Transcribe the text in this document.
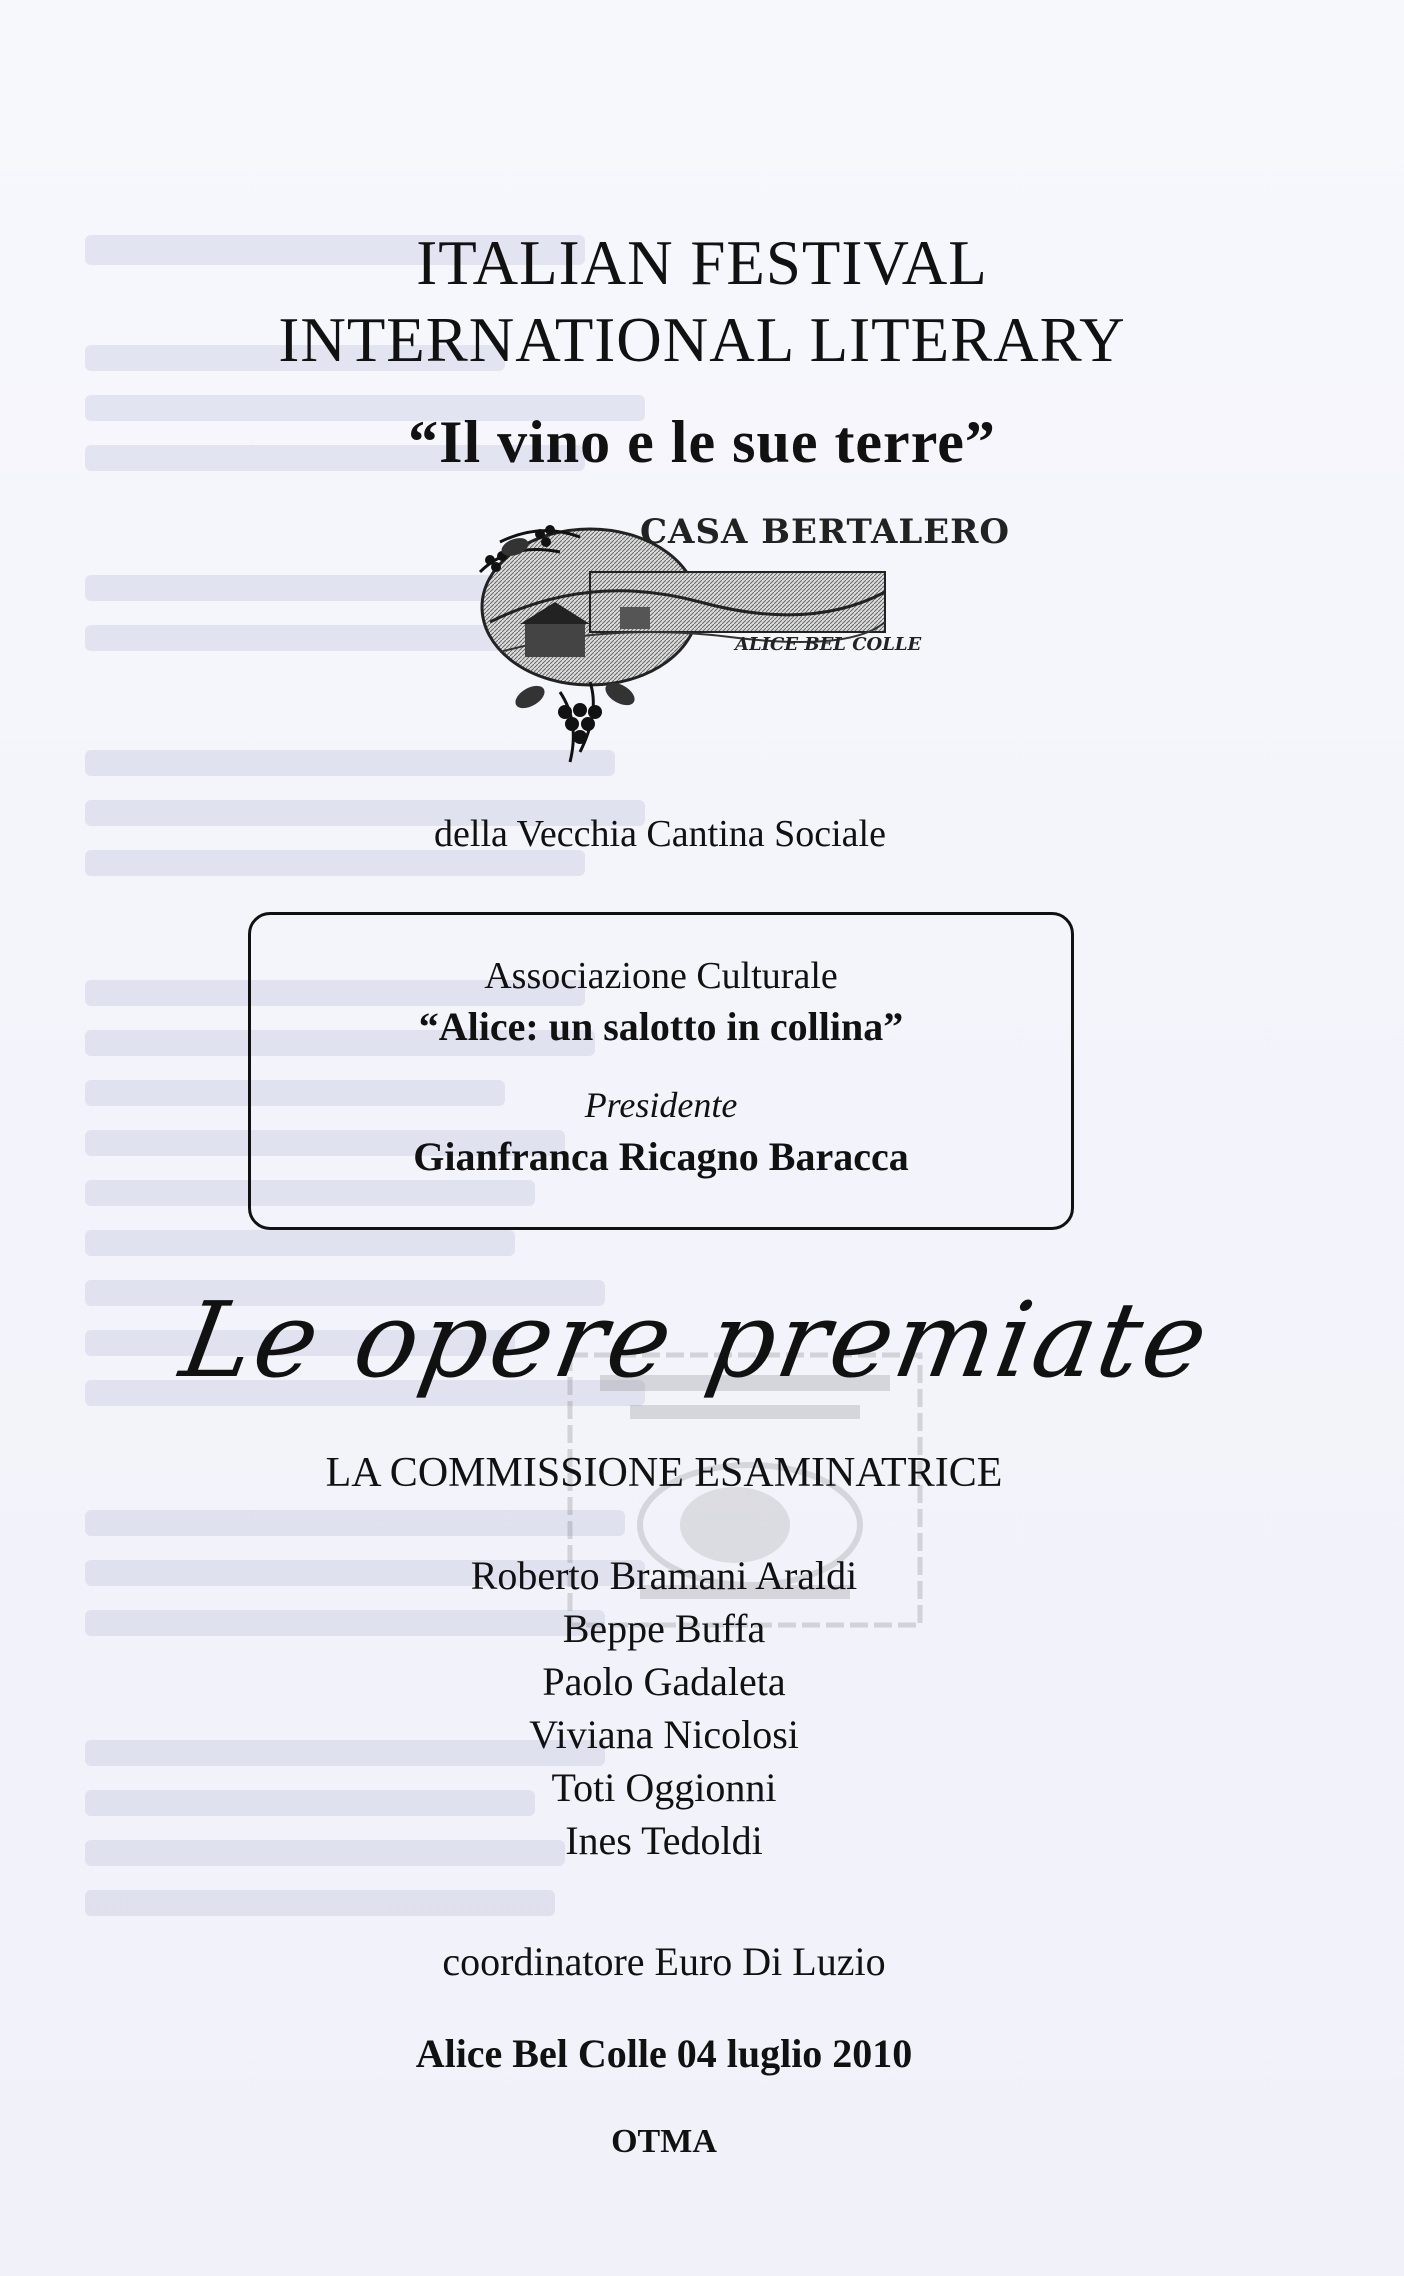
ITALIAN FESTIVAL
INTERNATIONAL LITERARY
“Il vino e le sue terre”
CASA BERTALERO
ALICE BEL COLLE
della Vecchia Cantina Sociale
Associazione Culturale
“Alice: un salotto in collina”
Presidente
Gianfranca Ricagno Baracca
Le opere premiate
LA COMMISSIONE ESAMINATRICE
Roberto Bramani Araldi
Beppe Buffa
Paolo Gadaleta
Viviana Nicolosi
Toti Oggionni
Ines Tedoldi
coordinatore Euro Di Luzio
Alice Bel Colle 04 luglio 2010
OTMA
